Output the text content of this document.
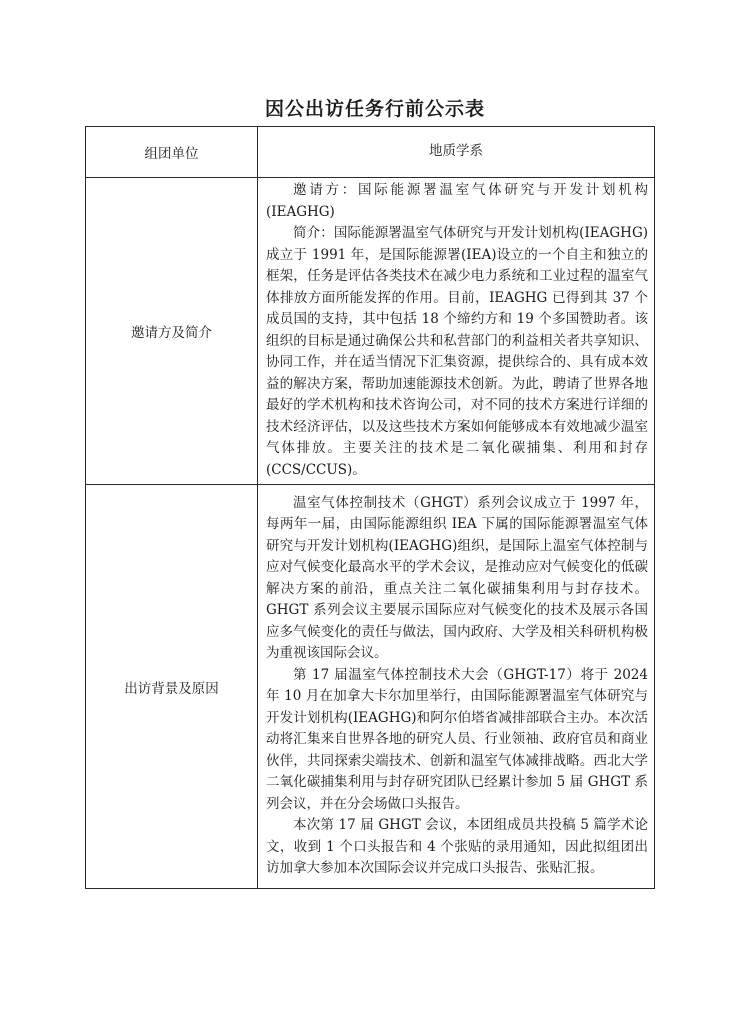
因公出访任务行前公示表
组团单位	地质学系
邀请方及简介	邀请方：国际能源署温室气体研究与开发计划机构(IEAGHG)

简介：国际能源署温室气体研究与开发计划机构(IEAGHG)成立于 1991 年，是国际能源署(IEA)设立的一个自主和独立的框架，任务是评估各类技术在减少电力系统和工业过程的温室气体排放方面所能发挥的作用。目前，IEAGHG 已得到其 37 个成员国的支持，其中包括 18 个缔约方和 19 个多国赞助者。该组织的目标是通过确保公共和私营部门的利益相关者共享知识、协同工作，并在适当情况下汇集资源，提供综合的、具有成本效益的解决方案，帮助加速能源技术创新。为此，聘请了世界各地最好的学术机构和技术咨询公司，对不同的技术方案进行详细的技术经济评估，以及这些技术方案如何能够成本有效地减少温室气体排放。主要关注的技术是二氧化碳捕集、利用和封存(CCS/CCUS)。

出访背景及原因	温室气体控制技术（GHGT）系列会议成立于 1997 年，每两年一届，由国际能源组织 IEA 下属的国际能源署温室气体研究与开发计划机构(IEAGHG)组织，是国际上温室气体控制与应对气候变化最高水平的学术会议，是推动应对气候变化的低碳解决方案的前沿，重点关注二氧化碳捕集利用与封存技术。GHGT 系列会议主要展示国际应对气候变化的技术及展示各国应多气候变化的责任与做法，国内政府、大学及相关科研机构极为重视该国际会议。

第 17 届温室气体控制技术大会（GHGT-17）将于 2024 年 10 月在加拿大卡尔加里举行，由国际能源署温室气体研究与开发计划机构(IEAGHG)和阿尔伯塔省减排部联合主办。本次活动将汇集来自世界各地的研究人员、行业领袖、政府官员和商业伙伴，共同探索尖端技术、创新和温室气体减排战略。西北大学二氧化碳捕集利用与封存研究团队已经累计参加 5 届 GHGT 系列会议，并在分会场做口头报告。

本次第 17 届 GHGT 会议，本团组成员共投稿 5 篇学术论文，收到 1 个口头报告和 4 个张贴的录用通知，因此拟组团出访加拿大参加本次国际会议并完成口头报告、张贴汇报。
